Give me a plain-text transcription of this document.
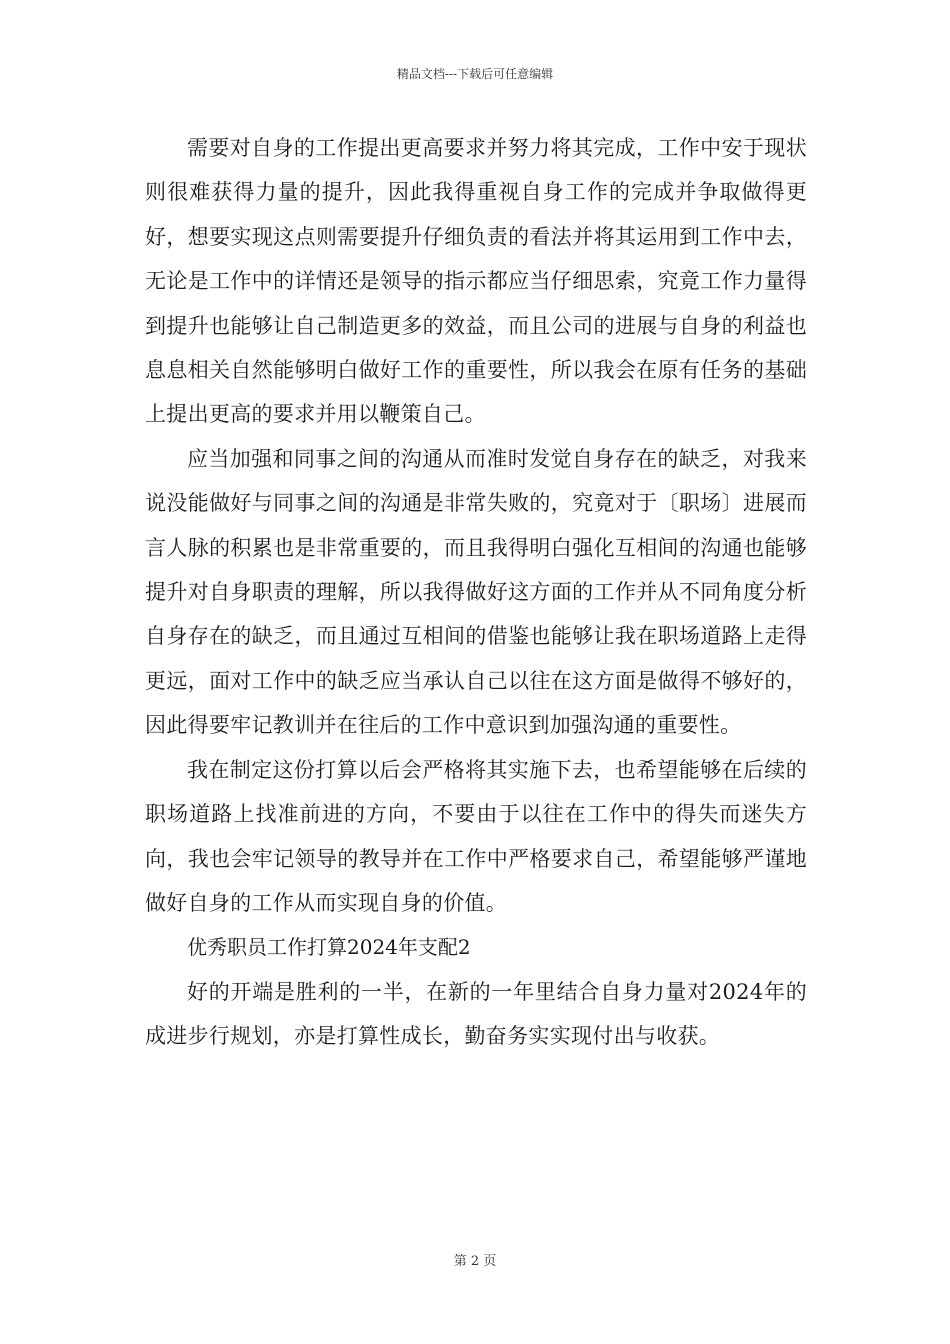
精品文档---下载后可任意编辑

需要对自身的工作提出更高要求并努力将其完成，工作中安于现状则很难获得力量的提升，因此我得重视自身工作的完成并争取做得更好，想要实现这点则需要提升仔细负责的看法并将其运用到工作中去，无论是工作中的详情还是领导的指示都应当仔细思索，究竟工作力量得到提升也能够让自己制造更多的效益，而且公司的进展与自身的利益也息息相关自然能够明白做好工作的重要性，所以我会在原有任务的基础上提出更高的要求并用以鞭策自己。

应当加强和同事之间的沟通从而准时发觉自身存在的缺乏，对我来说没能做好与同事之间的沟通是非常失败的，究竟对于〔职场〕进展而言人脉的积累也是非常重要的，而且我得明白强化互相间的沟通也能够提升对自身职责的理解，所以我得做好这方面的工作并从不同角度分析自身存在的缺乏，而且通过互相间的借鉴也能够让我在职场道路上走得更远，面对工作中的缺乏应当承认自己以往在这方面是做得不够好的，因此得要牢记教训并在往后的工作中意识到加强沟通的重要性。

我在制定这份打算以后会严格将其实施下去，也希望能够在后续的职场道路上找准前进的方向，不要由于以往在工作中的得失而迷失方向，我也会牢记领导的教导并在工作中严格要求自己，希望能够严谨地做好自身的工作从而实现自身的价值。

优秀职员工作打算2024年支配2

好的开端是胜利的一半，在新的一年里结合自身力量对2024年的成进步行规划，亦是打算性成长，勤奋务实实现付出与收获。

第 2 页
